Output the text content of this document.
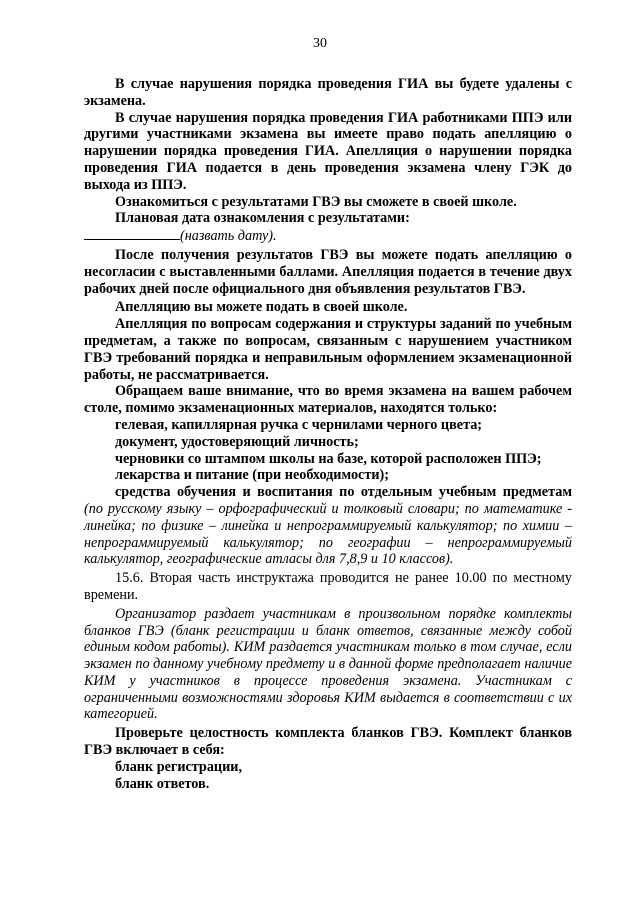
30

В случае нарушения порядка проведения ГИА вы будете удалены с экзамена.

В случае нарушения порядка проведения ГИА работниками ППЭ или другими участниками экзамена вы имеете право подать апелляцию о нарушении порядка проведения ГИА. Апелляция о нарушении порядка проведения ГИА подается в день проведения экзамена члену ГЭК до выхода из ППЭ.

Ознакомиться с результатами ГВЭ вы сможете в своей школе.

Плановая дата ознакомления с результатами:
(назвать дату).

После получения результатов ГВЭ вы можете подать апелляцию о несогласии с выставленными баллами. Апелляция подается в течение двух рабочих дней после официального дня объявления результатов ГВЭ.

Апелляцию вы можете подать в своей школе.

Апелляция по вопросам содержания и структуры заданий по учебным предметам, а также по вопросам, связанным с нарушением участником ГВЭ требований порядка и неправильным оформлением экзаменационной работы, не рассматривается.

Обращаем ваше внимание, что во время экзамена на вашем рабочем столе, помимо экзаменационных материалов, находятся только:

гелевая, капиллярная ручка с чернилами черного цвета;

документ, удостоверяющий личность;

черновики со штампом школы на базе, которой расположен ППЭ;

лекарства и питание (при необходимости);

средства обучения и воспитания по отдельным учебным предметам (по русскому языку – орфографический и толковый словари; по математике - линейка; по физике – линейка и непрограммируемый калькулятор; по химии – непрограммируемый калькулятор; по географии – непрограммируемый калькулятор, географические атласы для 7,8,9 и 10 классов).

15.6. Вторая часть инструктажа проводится не ранее 10.00 по местному времени.

Организатор раздает участникам в произвольном порядке комплекты бланков ГВЭ (бланк регистрации и бланк ответов, связанные между собой единым кодом работы). КИМ раздается участникам только в том случае, если экзамен по данному учебному предмету и в данной форме предполагает наличие КИМ у участников в процессе проведения экзамена. Участникам с ограниченными возможностями здоровья КИМ выдается в соответствии с их категорией.

Проверьте целостность комплекта бланков ГВЭ. Комплект бланков ГВЭ включает в себя:

бланк регистрации,

бланк ответов.
